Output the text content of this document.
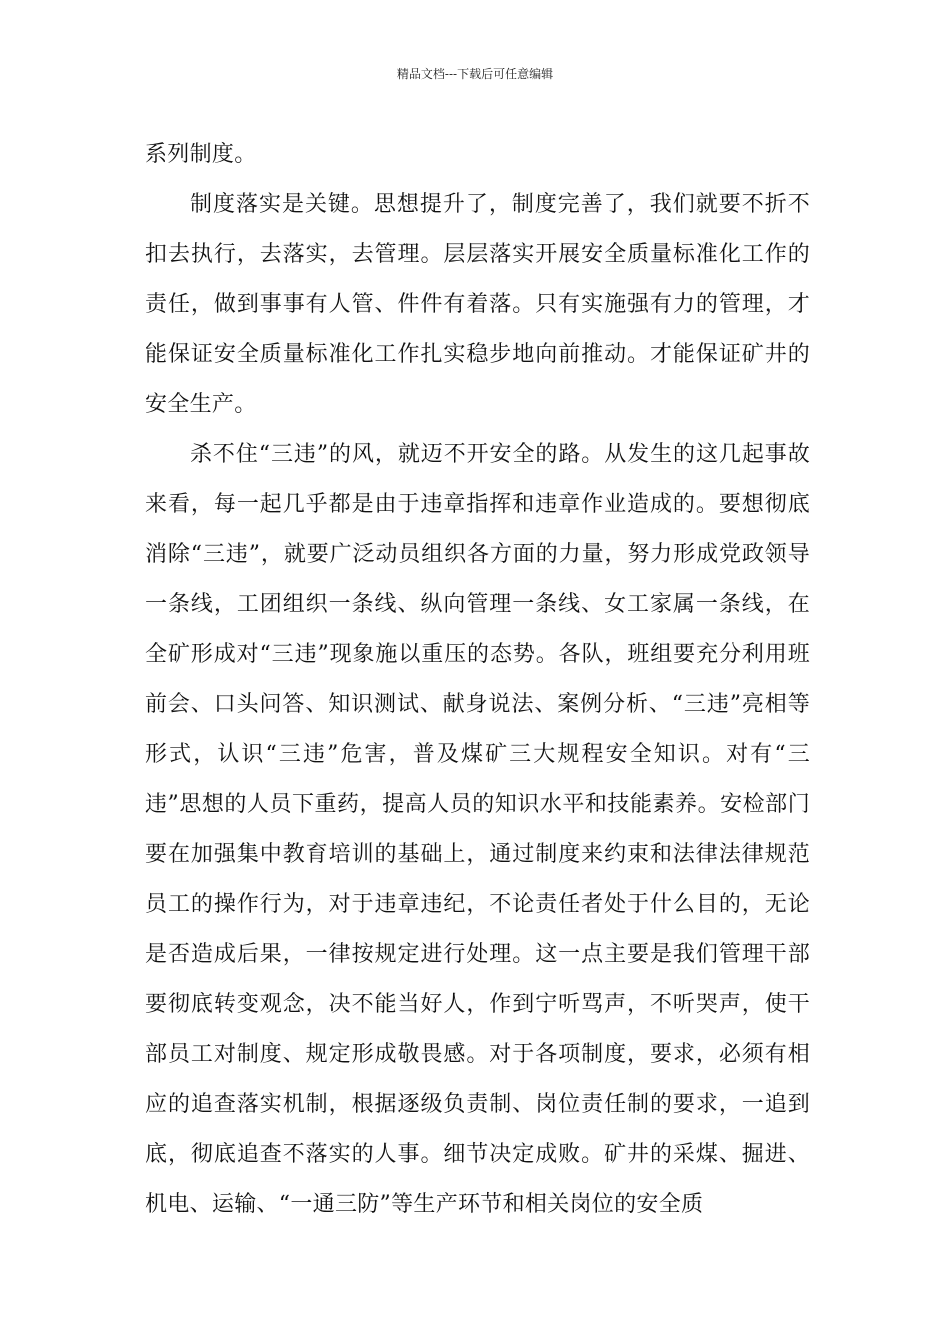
精品文档---下载后可任意编辑

系列制度。

制度落实是关键。思想提升了，制度完善了，我们就要不折不扣去执行，去落实，去管理。层层落实开展安全质量标准化工作的责任，做到事事有人管、件件有着落。只有实施强有力的管理，才能保证安全质量标准化工作扎实稳步地向前推动。才能保证矿井的安全生产。

杀不住“三违”的风，就迈不开安全的路。从发生的这几起事故来看，每一起几乎都是由于违章指挥和违章作业造成的。要想彻底消除“三违”，就要广泛动员组织各方面的力量，努力形成党政领导一条线，工团组织一条线、纵向管理一条线、女工家属一条线，在全矿形成对“三违”现象施以重压的态势。各队，班组要充分利用班前会、口头问答、知识测试、献身说法、案例分析、“三违”亮相等形式，认识“三违”危害，普及煤矿三大规程安全知识。对有“三违”思想的人员下重药，提高人员的知识水平和技能素养。安检部门要在加强集中教育培训的基础上，通过制度来约束和法律法律规范员工的操作行为，对于违章违纪，不论责任者处于什么目的，无论是否造成后果，一律按规定进行处理。这一点主要是我们管理干部要彻底转变观念，决不能当好人，作到宁听骂声，不听哭声，使干部员工对制度、规定形成敬畏感。对于各项制度，要求，必须有相应的追查落实机制，根据逐级负责制、岗位责任制的要求，一追到底，彻底追查不落实的人事。细节决定成败。矿井的采煤、掘进、机电、运输、“一通三防”等生产环节和相关岗位的安全质
